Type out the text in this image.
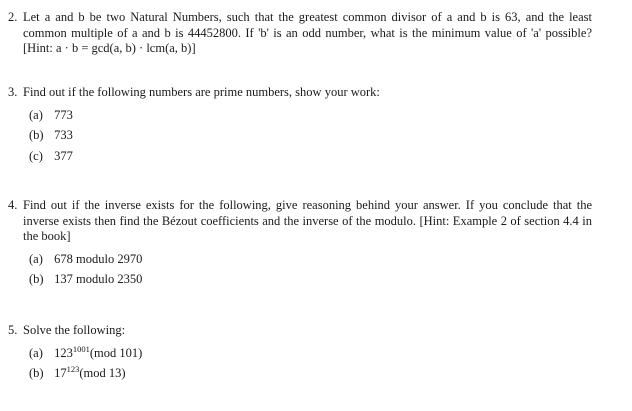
2. Let a and b be two Natural Numbers, such that the greatest common divisor of a and b is 63, and the least common multiple of a and b is 44452800. If 'b' is an odd number, what is the minimum value of 'a' possible? [Hint: a · b = gcd(a, b) · lcm(a, b)]
3. Find out if the following numbers are prime numbers, show your work:
(a) 773
(b) 733
(c) 377
4. Find out if the inverse exists for the following, give reasoning behind your answer. If you conclude that the inverse exists then find the Bézout coefficients and the inverse of the modulo. [Hint: Example 2 of section 4.4 in the book]
(a) 678 modulo 2970
(b) 137 modulo 2350
5. Solve the following:
(a) $123^{1001}(mod$ 101)
(b) $17^{123}(mod$ 13)
